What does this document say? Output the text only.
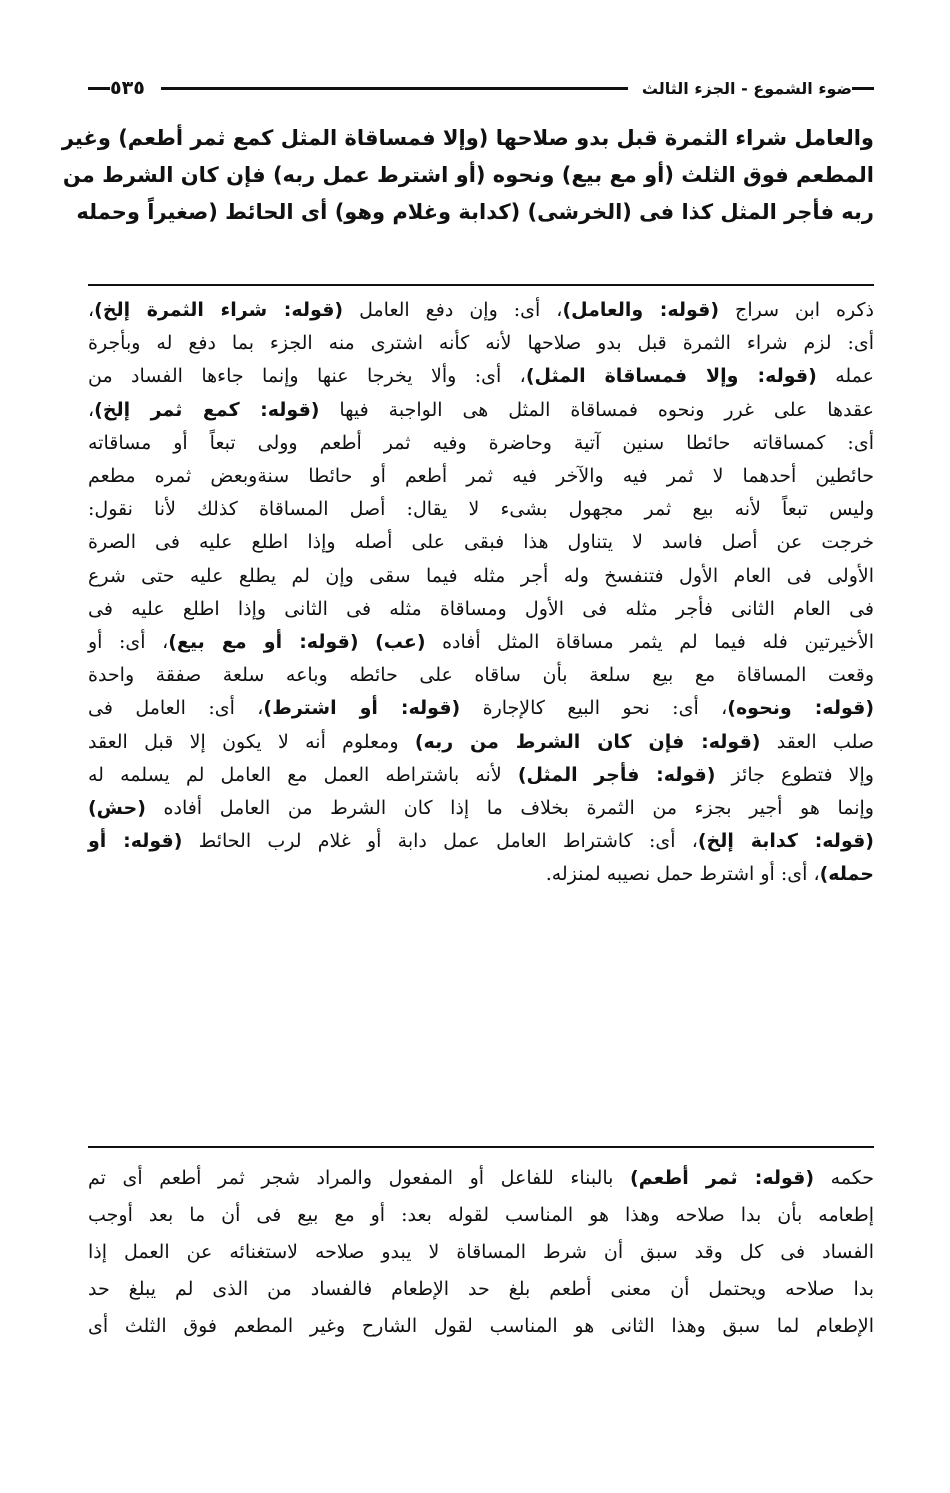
٥٣٥	ضوء الشموع - الجزء الثالث

والعامل شراء الثمرة قبل بدو صلاحها (وإلا فمساقاة المثل كمع ثمر أطعم) وغير

المطعم فوق الثلث (أو مع بيع) ونحوه (أو اشترط عمل ربه) فإن كان الشرط من

ربه فأجر المثل كذا فى (الخرشى) (كدابة وغلام وهو) أى الحائط (صغيراً وحمله

ذكره ابن سراج (قوله: والعامل)، أى: وإن دفع العامل (قوله: شراء الثمرة إلخ)،

أى: لزم شراء الثمرة قبل بدو صلاحها لأنه كأنه اشترى منه الجزء بما دفع له وبأجرة

عمله (قوله: وإلا فمساقاة المثل)، أى: وألا يخرجا عنها وإنما جاءها الفساد من

عقدها على غرر ونحوه فمساقاة المثل هى الواجبة فيها (قوله: كمع ثمر إلخ)،

أى: كمساقاته حائطا سنين آتية وحاضرة وفيه ثمر أطعم وولى تبعاً أو مساقاته

حائطين أحدهما لا ثمر فيه والآخر فيه ثمر أطعم أو حائطا سنةوبعض ثمره مطعم

وليس تبعاً لأنه بيع ثمر مجهول بشىء لا يقال: أصل المساقاة كذلك لأنا نقول:

خرجت عن أصل فاسد لا يتناول هذا فبقى على أصله وإذا اطلع عليه فى الصرة

الأولى فى العام الأول فتنفسخ وله أجر مثله فيما سقى وإن لم يطلع عليه حتى شرع

فى العام الثانى فأجر مثله فى الأول ومساقاة مثله فى الثانى وإذا اطلع عليه فى

الأخيرتين فله فيما لم يثمر مساقاة المثل أفاده (عب) (قوله: أو مع بيع)، أى: أو

وقعت المساقاة مع بيع سلعة بأن ساقاه على حائطه وباعه سلعة صفقة واحدة

(قوله: ونحوه)، أى: نحو البيع كالإجارة (قوله: أو اشترط)، أى: العامل فى

صلب العقد (قوله: فإن كان الشرط من ربه) ومعلوم أنه لا يكون إلا قبل العقد

وإلا فتطوع جائز (قوله: فأجر المثل) لأنه باشتراطه العمل مع العامل لم يسلمه له

وإنما هو أجير بجزء من الثمرة بخلاف ما إذا كان الشرط من العامل أفاده (حش)

(قوله: كدابة إلخ)، أى: كاشتراط العامل عمل دابة أو غلام لرب الحائط (قوله: أو

حمله)، أى: أو اشترط حمل نصيبه لمنزله.

حكمه (قوله: ثمر أطعم) بالبناء للفاعل أو المفعول والمراد شجر ثمر أطعم أى تم

إطعامه بأن بدا صلاحه وهذا هو المناسب لقوله بعد: أو مع بيع فى أن ما بعد أوجب

الفساد فى كل وقد سبق أن شرط المساقاة لا يبدو صلاحه لاستغنائه عن العمل إذا

بدا صلاحه ويحتمل أن معنى أطعم بلغ حد الإطعام فالفساد من الذى لم يبلغ حد

الإطعام لما سبق وهذا الثانى هو المناسب لقول الشارح وغير المطعم فوق الثلث أى
